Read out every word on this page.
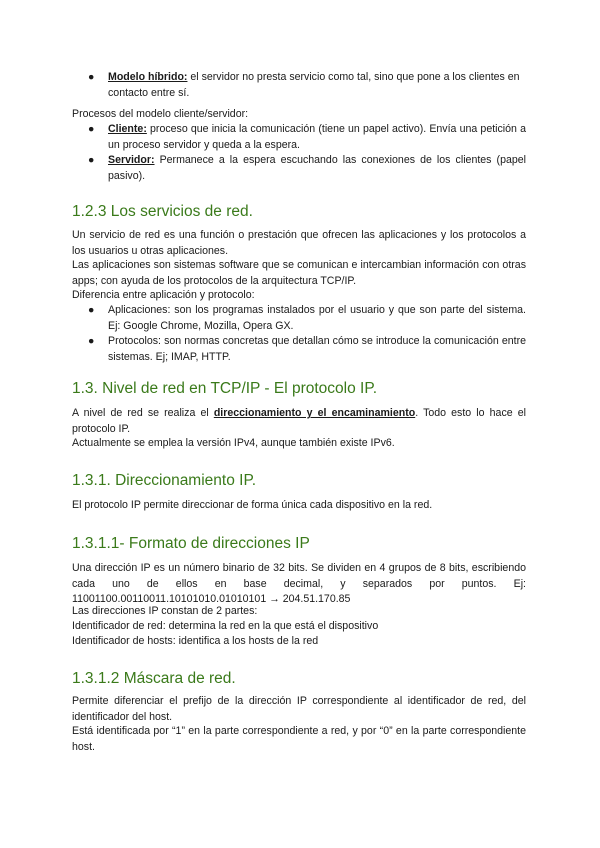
● Modelo híbrido: el servidor no presta servicio como tal, sino que pone a los clientes en contacto entre sí.

Procesos del modelo cliente/servidor:

● Cliente: proceso que inicia la comunicación (tiene un papel activo). Envía una petición a un proceso servidor y queda a la espera.
● Servidor: Permanece a la espera escuchando las conexiones de los clientes (papel pasivo).
1.2.3 Los servicios de red.

Un servicio de red es una función o prestación que ofrecen las aplicaciones y los protocolos a los usuarios u otras aplicaciones.

Las aplicaciones son sistemas software que se comunican e intercambian información con otras apps; con ayuda de los protocolos de la arquitectura TCP/IP.

Diferencia entre aplicación y protocolo:

● Aplicaciones: son los programas instalados por el usuario y que son parte del sistema. Ej: Google Chrome, Mozilla, Opera GX.
● Protocolos: son normas concretas que detallan cómo se introduce la comunicación entre sistemas. Ej; IMAP, HTTP.
1.3. Nivel de red en TCP/IP - El protocolo IP.

A nivel de red se realiza el direccionamiento y el encaminamiento. Todo esto lo hace el protocolo IP.

Actualmente se emplea la versión IPv4, aunque también existe IPv6.

1.3.1. Direccionamiento IP.

El protocolo IP permite direccionar de forma única cada dispositivo en la red.

1.3.1.1- Formato de direcciones IP

Una dirección IP es un número binario de 32 bits. Se dividen en 4 grupos de 8 bits, escribiendo cada uno de ellos en base decimal, y separados por puntos. Ej: 11001100.00110011.10101010.01010101 → 204.51.170.85

Las direcciones IP constan de 2 partes:

Identificador de red: determina la red en la que está el dispositivo

Identificador de hosts: identifica a los hosts de la red

1.3.1.2 Máscara de red.

Permite diferenciar el prefijo de la dirección IP correspondiente al identificador de red, del identificador del host.

Está identificada por “1” en la parte correspondiente a red, y por “0” en la parte correspondiente host.
